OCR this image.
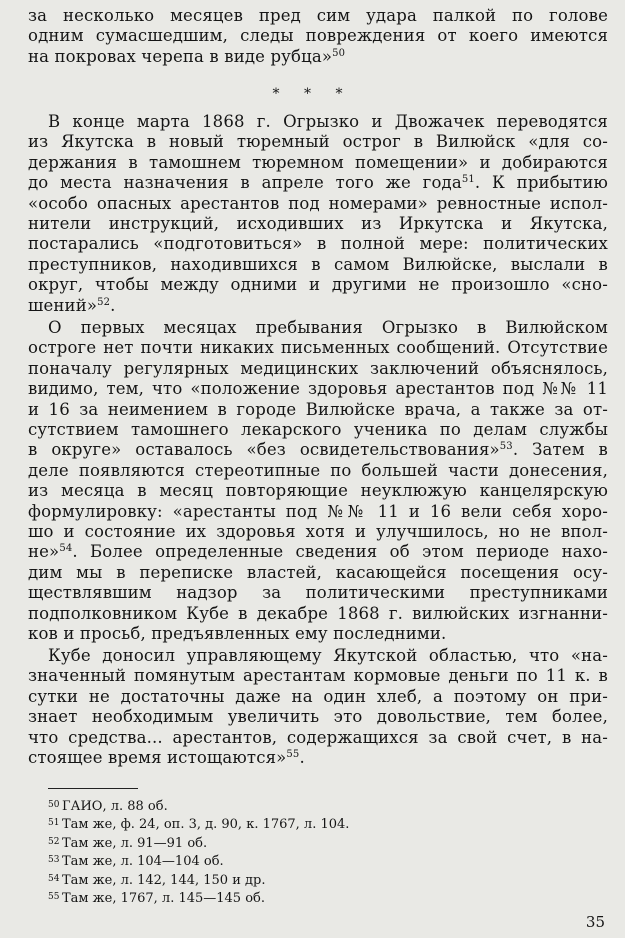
за несколько месяцев пред сим удара палкой по голове
одним сумасшедшим, следы повреждения от коего имеются
на покровах черепа в виде рубца»$^{50}$
* * *
В конце марта 1868 г. Огрызко и Двожачек переводятся
из Якутска в новый тюремный острог в Вилюйск «для со-
держания в тамошнем тюремном помещении» и добираются
до места назначения в апреле того же года$^{51}$. К прибытию
«особо опасных арестантов под номерами» ревностные испол-
нители инструкций, исходивших из Иркутска и Якутска,
постарались «подготовиться» в полной мере: политических
преступников, находившихся в самом Вилюйске, выслали в
округ, чтобы между одними и другими не произошло «сно-
шений»$^{52}$.
О первых месяцах пребывания Огрызко в Вилюйском
остроге нет почти никаких письменных сообщений. Отсутствие
поначалу регулярных медицинских заключений объяснялось,
видимо, тем, что «положение здоровья арестантов под №№ 11
и 16 за неимением в городе Вилюйске врача, а также за от-
сутствием тамошнего лекарского ученика по делам службы
в округе» оставалось «без освидетельствования»$^{53}$. Затем в
деле появляются стереотипные по большей части донесения,
из месяца в месяц повторяющие неуклюжую канцелярскую
формулировку: «арестанты под №№ 11 и 16 вели себя хоро-
шо и состояние их здоровья хотя и улучшилось, но не впол-
не»$^{54}$. Более определенные сведения об этом периоде нахо-
дим мы в переписке властей, касающейся посещения осу-
ществлявшим надзор за политическими преступниками
подполковником Кубе в декабре 1868 г. вилюйских изгнанни-
ков и просьб, предъявленных ему последними.
Кубе доносил управляющему Якутской областью, что «на-
значенный помянутым арестантам кормовые деньги по 11 к. в
сутки не достаточны даже на один хлеб, а поэтому он при-
знает необходимым увеличить это довольствие, тем более,
что средства... арестантов, содержащихся за свой счет, в на-
стоящее время истощаются»$^{55}$.
50 ГАИО, л. 88 об.
51 Там же, ф. 24, оп. 3, д. 90, к. 1767, л. 104.
52 Там же, л. 91—91 об.
53 Там же, л. 104—104 об.
54 Там же, л. 142, 144, 150 и др.
55 Там же, 1767, л. 145—145 об.
35
